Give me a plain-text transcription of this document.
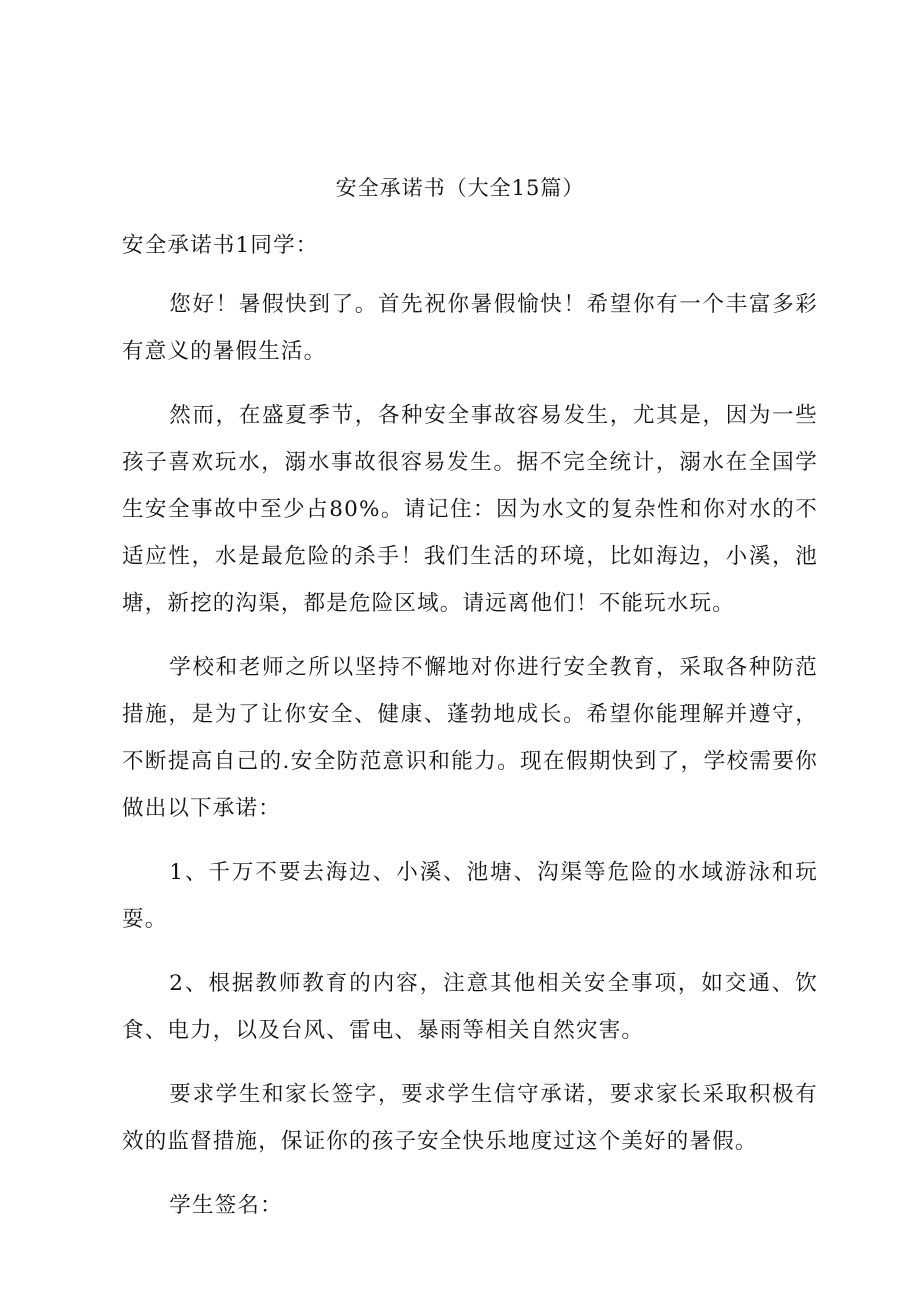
安全承诺书（大全15篇）

安全承诺书1同学：

您好！暑假快到了。首先祝你暑假愉快！希望你有一个丰富多彩有意义的暑假生活。

然而，在盛夏季节，各种安全事故容易发生，尤其是，因为一些孩子喜欢玩水，溺水事故很容易发生。据不完全统计，溺水在全国学生安全事故中至少占80%。请记住：因为水文的复杂性和你对水的不适应性，水是最危险的杀手！我们生活的环境，比如海边，小溪，池塘，新挖的沟渠，都是危险区域。请远离他们！不能玩水玩。

学校和老师之所以坚持不懈地对你进行安全教育，采取各种防范措施，是为了让你安全、健康、蓬勃地成长。希望你能理解并遵守，不断提高自己的.安全防范意识和能力。现在假期快到了，学校需要你做出以下承诺：

1、千万不要去海边、小溪、池塘、沟渠等危险的水域游泳和玩耍。

2、根据教师教育的内容，注意其他相关安全事项，如交通、饮食、电力，以及台风、雷电、暴雨等相关自然灾害。

要求学生和家长签字，要求学生信守承诺，要求家长采取积极有效的监督措施，保证你的孩子安全快乐地度过这个美好的暑假。

学生签名：
